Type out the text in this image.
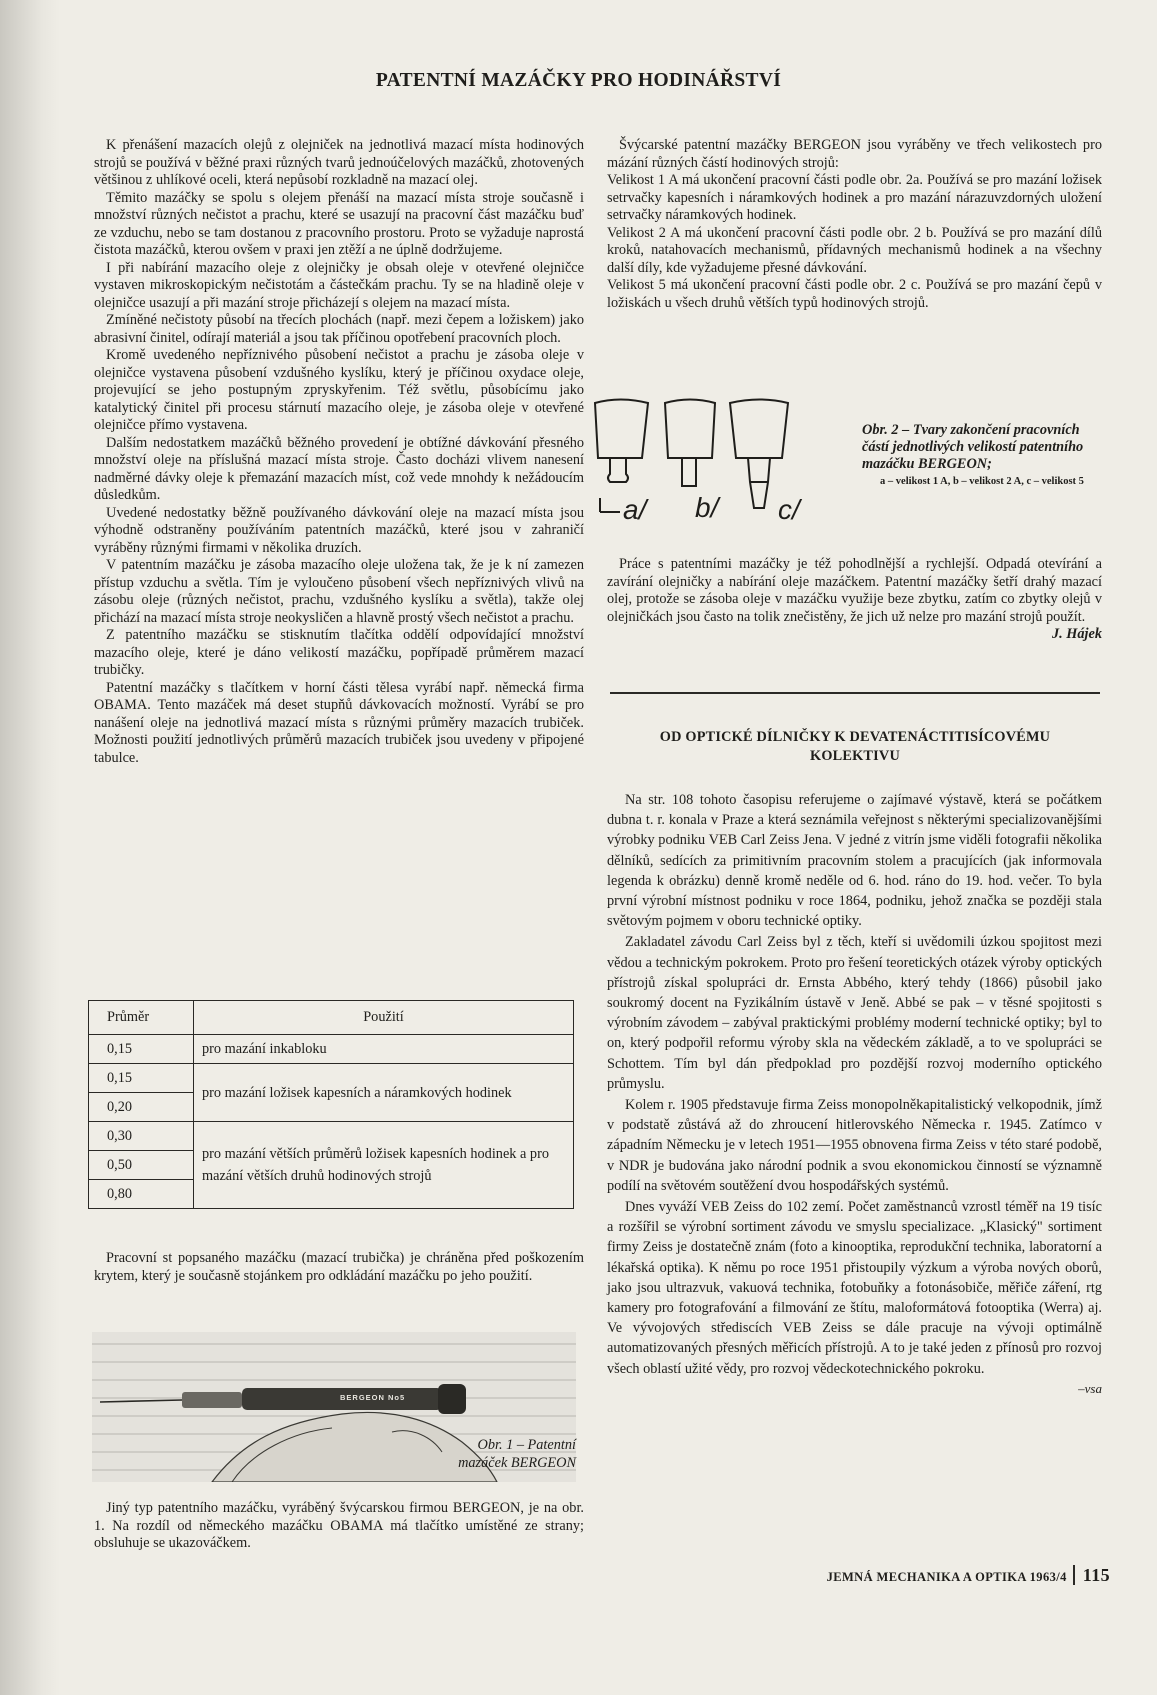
PATENTNÍ MAZÁČKY PRO HODINÁŘSTVÍ

K přenášení mazacích olejů z olejniček na jednotlivá mazací místa hodinových strojů se používá v běžné praxi různých tvarů jednoúčelových mazáčků, zhotovených většinou z uhlíkové oceli, která nepůsobí rozkladně na mazací olej.

Těmito mazáčky se spolu s olejem přenáší na mazací místa stroje současně i množství různých nečistot a prachu, které se usazují na pracovní část mazáčku buď ze vzduchu, nebo se tam dostanou z pracovního prostoru. Proto se vyžaduje naprostá čistota mazáčků, kterou ovšem v praxi jen ztěží a ne úplně dodržujeme.

I při nabírání mazacího oleje z olejničky je obsah oleje v otevřené olejničce vystaven mikroskopickým nečistotám a částečkám prachu. Ty se na hladině oleje v olejničce usazují a při mazání stroje přicházejí s olejem na mazací místa.

Zmíněné nečistoty působí na třecích plochách (např. mezi čepem a ložiskem) jako abrasivní činitel, odírají materiál a jsou tak příčinou opotřebení pracovních ploch.

Kromě uvedeného nepříznivého působení nečistot a prachu je zásoba oleje v olejničce vystavena působení vzdušného kyslíku, který je příčinou oxydace oleje, projevující se jeho postupným zpryskyřenim. Též světlu, působícímu jako katalytický činitel při procesu stárnutí mazacího oleje, je zásoba oleje v otevřené olejničce přímo vystavena.

Dalším nedostatkem mazáčků běžného provedení je obtížné dávkování přesného množství oleje na příslušná mazací místa stroje. Často docházi vlivem nanesení nadměrné dávky oleje k přemazání mazacích míst, což vede mnohdy k nežádoucím důsledkům.

Uvedené nedostatky běžně používaného dávkování oleje na mazací místa jsou výhodně odstraněny používáním patentních mazáčků, které jsou v zahraničí vyráběny různými firmami v několika druzích.

V patentním mazáčku je zásoba mazacího oleje uložena tak, že je k ní zamezen přístup vzduchu a světla. Tím je vyloučeno působení všech nepříznivých vlivů na zásobu oleje (různých nečistot, prachu, vzdušného kyslíku a světla), takže olej přichází na mazací místa stroje neokysličen a hlavně prostý všech nečistot a prachu.

Z patentního mazáčku se stisknutím tlačítka oddělí odpovídající množství mazacího oleje, které je dáno velikostí mazáčku, popřípadě průměrem mazací trubičky.

Patentní mazáčky s tlačítkem v horní části tělesa vyrábí např. německá firma OBAMA. Tento mazáček má deset stupňů dávkovacích možností. Vyrábí se pro nanášení oleje na jednotlivá mazací místa s různými průměry mazacích trubiček. Možnosti použití jednotlivých průměrů mazacích trubiček jsou uvedeny v připojené tabulce.

Průměr	Použití
0,15	pro mazání inkabloku
0,15	pro mazání ložisek kapesních a náramkových hodinek
0,20	
0,30	pro mazání větších průměrů ložisek kapesních hodinek a pro mazání větších druhů hodinových strojů
0,50	
0,80	

Pracovní st popsaného mazáčku (mazací trubička) je chráněna před poškozením krytem, který je současně stojánkem pro odkládání mazáčku po jeho použití.

BERGEON No5
Obr. 1 – Patentní
mazáček BERGEON

Jiný typ patentního mazáčku, vyráběný švýcarskou firmou BERGEON, je na obr. 1. Na rozdíl od německého mazáčku OBAMA má tlačítko umístěné ze strany; obsluhuje se ukazováčkem.

Švýcarské patentní mazáčky BERGEON jsou vyráběny ve třech velikostech pro mázání různých částí hodinových strojů:

Velikost 1 A má ukončení pracovní části podle obr. 2a. Používá se pro mazání ložisek setrvačky kapesních i náramkových hodinek a pro mazání nárazuvzdorných uložení setrvačky náramkových hodinek.

Velikost 2 A má ukončení pracovní části podle obr. 2 b. Používá se pro mazání dílů kroků, natahovacích mechanismů, přídavných mechanismů hodinek a na všechny další díly, kde vyžadujeme přesné dávkování.

Velikost 5 má ukončení pracovní části podle obr. 2 c. Používá se pro mazání čepů v ložiskách u všech druhů větších typů hodinových strojů.

a/ b/ c/
Obr. 2 – Tvary zakončení pracovních částí jednotlivých velikostí patentního mazáčku BERGEON;
a – velikost 1 A, b – velikost 2 A, c – velikost 5

Práce s patentními mazáčky je též pohodlnější a rychlejší. Odpadá otevírání a zavírání olejničky a nabírání oleje mazáčkem. Patentní mazáčky šetří drahý mazací olej, protože se zásoba oleje v mazáčku využije beze zbytku, zatím co zbytky olejů v olejničkách jsou často na tolik znečistěny, že jich už nelze pro mazání strojů použít.

J. Hájek
OD OPTICKÉ DÍLNIČKY K DEVATENÁCTITISÍCOVÉMU KOLEKTIVU

Na str. 108 tohoto časopisu referujeme o zajímavé výstavě, která se počátkem dubna t. r. konala v Praze a která seznámila veřejnost s některými specializovanějšími výrobky podniku VEB Carl Zeiss Jena. V jedné z vitrín jsme viděli fotografii několika dělníků, sedících za primitivním pracovním stolem a pracujících (jak informovala legenda k obrázku) denně kromě neděle od 6. hod. ráno do 19. hod. večer. To byla první výrobní místnost podniku v roce 1864, podniku, jehož značka se později stala světovým pojmem v oboru technické optiky.

Zakladatel závodu Carl Zeiss byl z těch, kteří si uvědomili úzkou spojitost mezi vědou a technickým pokrokem. Proto pro řešení teoretických otázek výroby optických přístrojů získal spolupráci dr. Ernsta Abbého, který tehdy (1866) působil jako soukromý docent na Fyzikálním ústavě v Jeně. Abbé se pak – v těsné spojitosti s výrobním závodem – zabýval praktickými problémy moderní technické optiky; byl to on, který podpořil reformu výroby skla na vědeckém základě, a to ve spolupráci se Schottem. Tím byl dán předpoklad pro pozdější rozvoj moderního optického průmyslu.

Kolem r. 1905 představuje firma Zeiss monopolněkapitalistický velkopodnik, jímž v podstatě zůstává až do zhroucení hitlerovského Německa r. 1945. Zatímco v západním Německu je v letech 1951—1955 obnovena firma Zeiss v této staré podobě, v NDR je budována jako národní podnik a svou ekonomickou činností se významně podílí na světovém soutěžení dvou hospodářských systémů.

Dnes vyváží VEB Zeiss do 102 zemí. Počet zaměstnanců vzrostl téměř na 19 tisíc a rozšířil se výrobní sortiment závodu ve smyslu specializace. „Klasický" sortiment firmy Zeiss je dostatečně znám (foto a kinooptika, reprodukční technika, laboratorní a lékařská optika). K němu po roce 1951 přistoupily výzkum a výroba nových oborů, jako jsou ultrazvuk, vakuová technika, fotobuňky a fotonásobiče, měřiče záření, rtg kamery pro fotografování a filmování ze štítu, maloformátová fotooptika (Werra) aj. Ve vývojových střediscích VEB Zeiss se dále pracuje na vývoji optimálně automatizovaných přesných měřicích přístrojů. A to je také jeden z přínosů pro rozvoj všech oblastí užité vědy, pro rozvoj vědeckotechnického pokroku.

–vsa
JEMNÁ MECHANIKA A OPTIKA 1963/4 115
